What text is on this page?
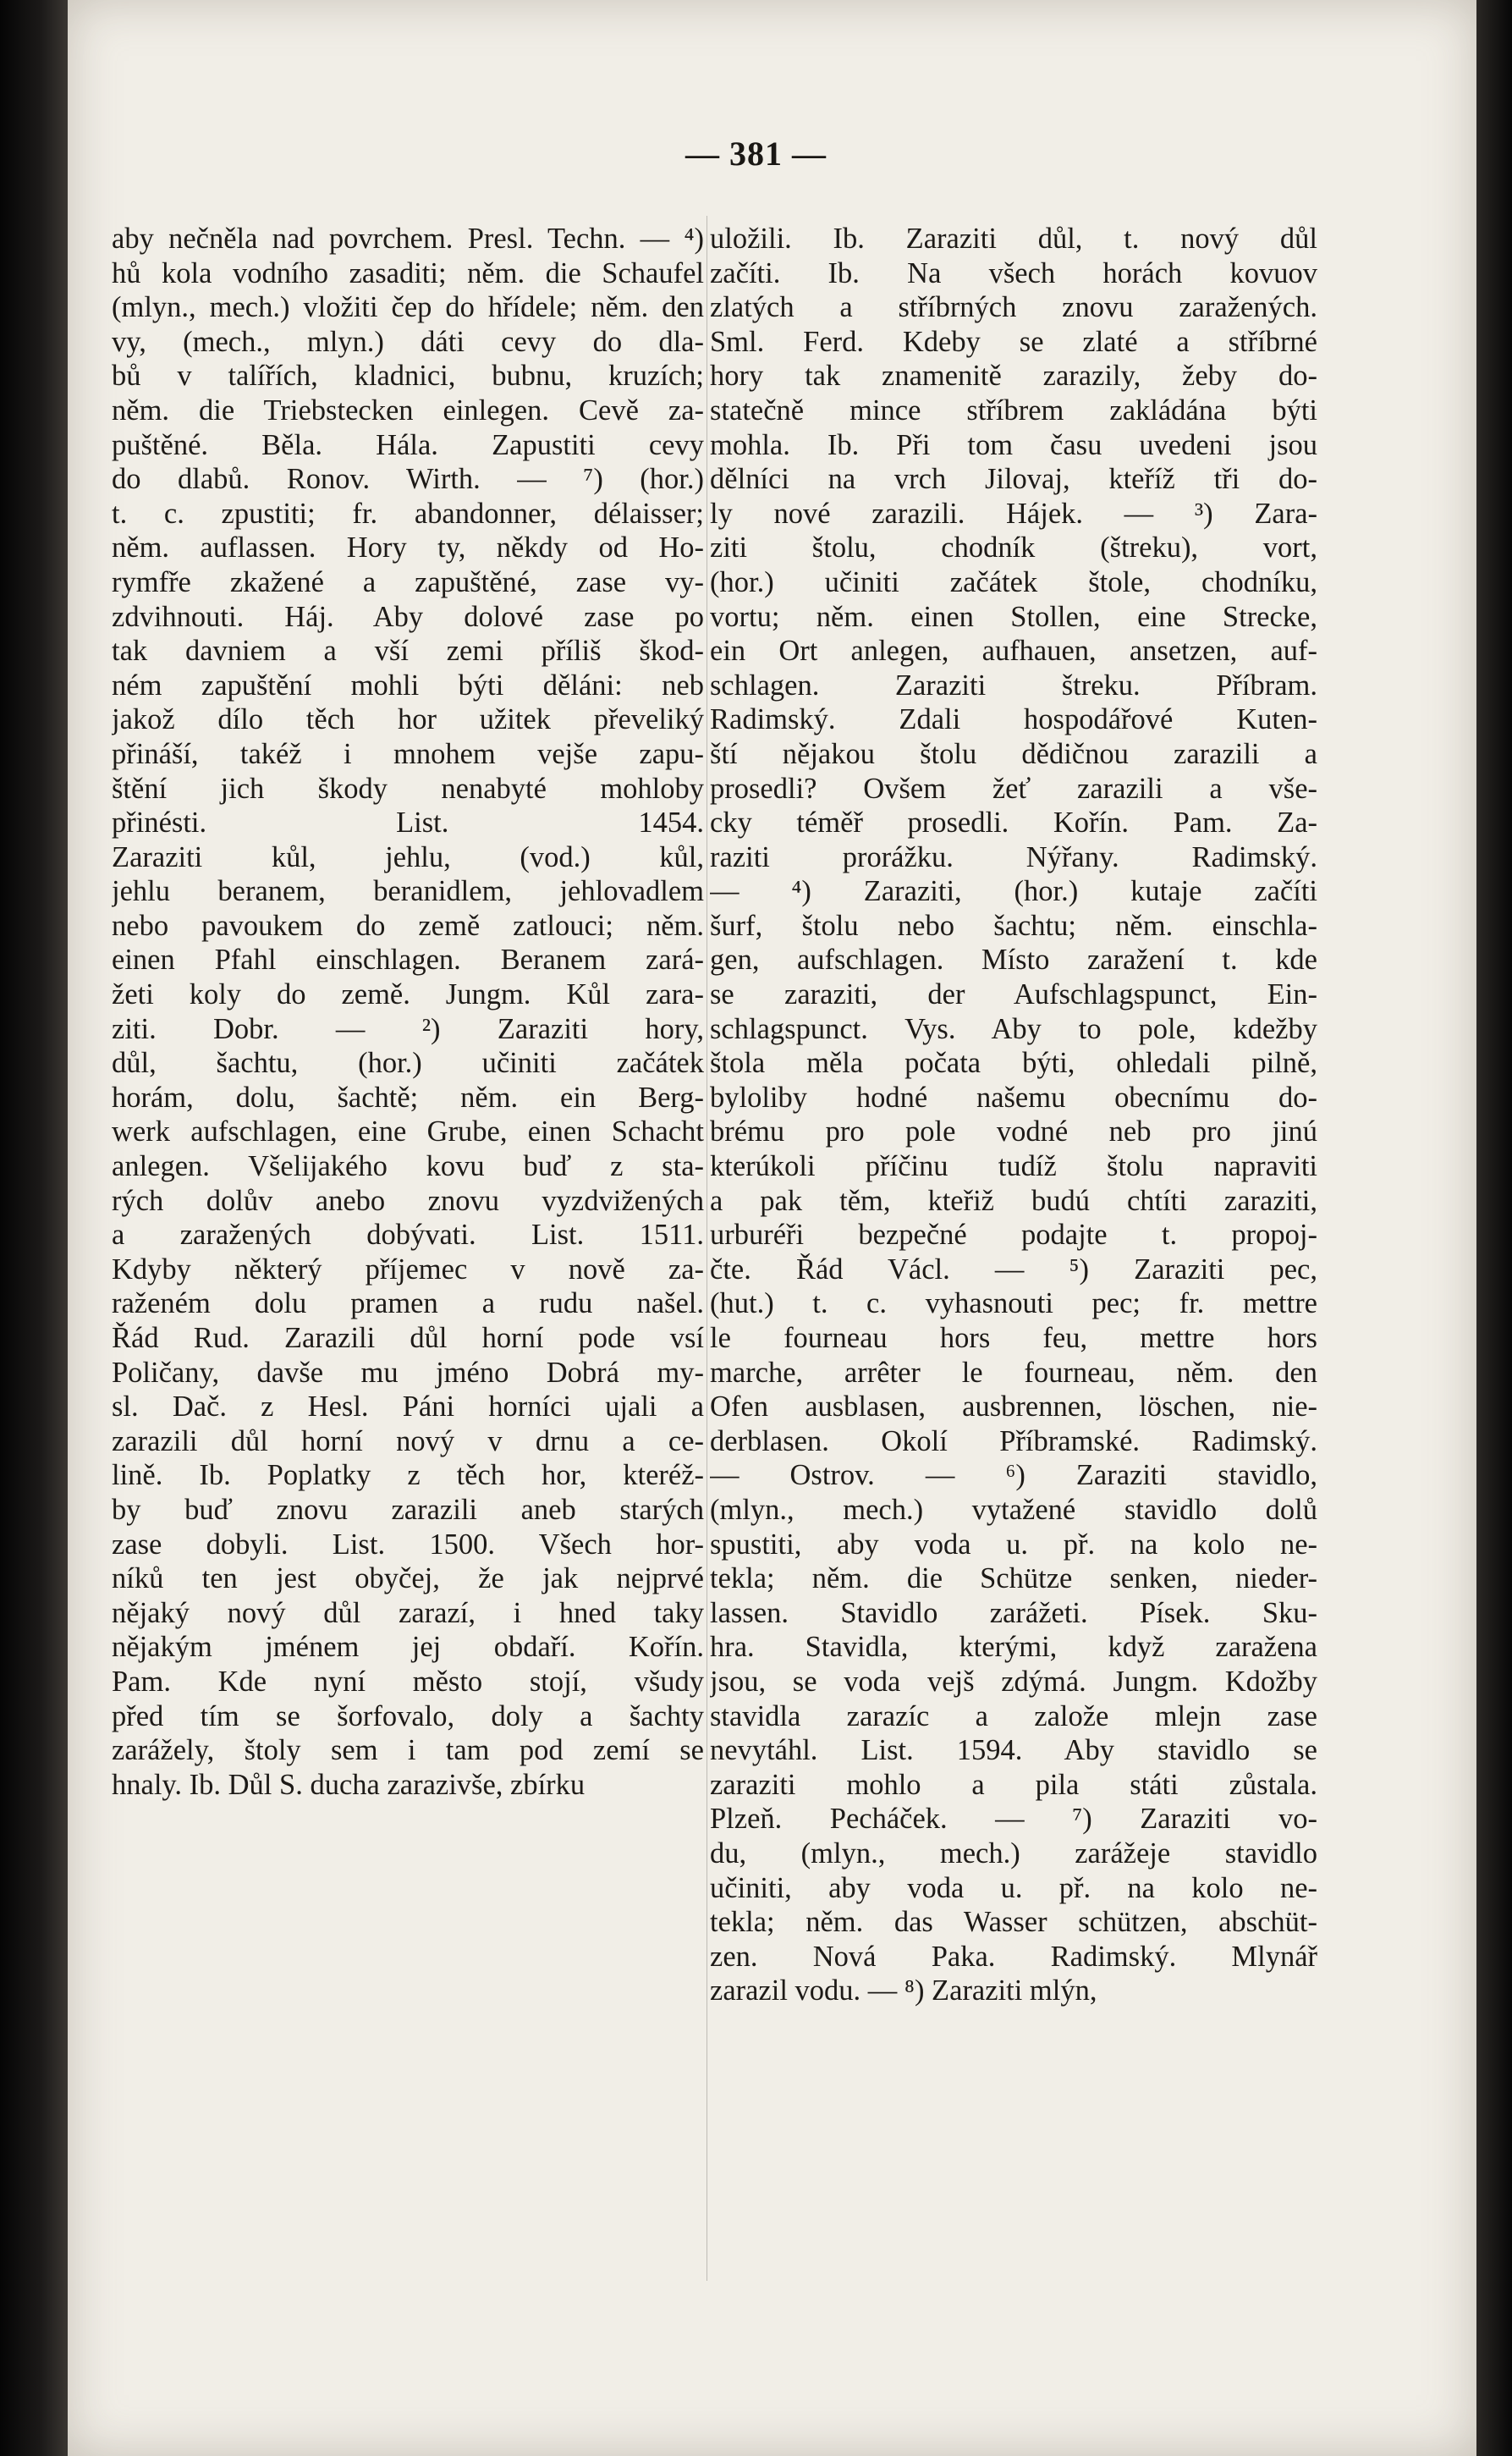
— 381 —
aby nečněla nad povrchem. Presl. Techn. — ⁴)
hů kola vodního zasaditi; něm. die Schaufel
(mlyn., mech.) vložiti čep do hřídele; něm. den
vy, (mech., mlyn.) dáti cevy do dla-
bů v talířích, kladnici, bubnu, kruzích;
něm. die Triebstecken einlegen. Cevě za-
puštěné. Běla. Hála. Zapustiti cevy
do dlabů. Ronov. Wirth. — ⁷) (hor.)
t. c. zpustiti; fr. abandonner, délaisser;
něm. auflassen. Hory ty, někdy od Ho-
rymfře zkažené a zapuštěné, zase vy-
zdvihnouti. Háj. Aby dolové zase po
tak davniem a vší zemi příliš škod-
ném zapuštění mohli býti děláni: neb
jakož dílo těch hor užitek převeliký
přináší, takéž i mnohem vejše zapu-
štění jich škody nenabyté mohloby
přinésti. List. 1454.
Zaraziti kůl, jehlu, (vod.) kůl,
jehlu beranem, beranidlem, jehlovadlem
nebo pavoukem do země zatlouci; něm.
einen Pfahl einschlagen. Beranem zará-
žeti koly do země. Jungm. Kůl zara-
ziti. Dobr. — ²) Zaraziti hory,
důl, šachtu, (hor.) učiniti začátek
horám, dolu, šachtě; něm. ein Berg-
werk aufschlagen, eine Grube, einen Schacht
anlegen. Všelijakého kovu buď z sta-
rých dolův anebo znovu vyzdvižených
a zaražených dobývati. List. 1511.
Kdyby některý příjemec v nově za-
raženém dolu pramen a rudu našel.
Řád Rud. Zarazili důl horní pode vsí
Poličany, davše mu jméno Dobrá my-
sl. Dač. z Hesl. Páni horníci ujali a
zarazili důl horní nový v drnu a ce-
lině. Ib. Poplatky z těch hor, kteréž-
by buď znovu zarazili aneb starých
zase dobyli. List. 1500. Všech hor-
níků ten jest obyčej, že jak nejprvé
nějaký nový důl zarazí, i hned taky
nějakým jménem jej obdaří. Kořín.
Pam. Kde nyní město stojí, všudy
před tím se šorfovalo, doly a šachty
zarážely, štoly sem i tam pod zemí se
hnaly. Ib. Důl S. ducha zarazivše, zbírku
uložili. Ib. Zaraziti důl, t. nový důl
začíti. Ib. Na všech horách kovuov
zlatých a stříbrných znovu zaražených.
Sml. Ferd. Kdeby se zlaté a stříbrné
hory tak znamenitě zarazily, žeby do-
statečně mince stříbrem zakládána býti
mohla. Ib. Při tom času uvedeni jsou
dělníci na vrch Jilovaj, kteříž tři do-
ly nové zarazili. Hájek. — ³) Zara-
ziti štolu, chodník (štreku), vort,
(hor.) učiniti začátek štole, chodníku,
vortu; něm. einen Stollen, eine Strecke,
ein Ort anlegen, aufhauen, ansetzen, auf-
schlagen. Zaraziti štreku. Příbram.
Radimský. Zdali hospodářové Kuten-
ští nějakou štolu dědičnou zarazili a
prosedli? Ovšem žeť zarazili a vše-
cky téměř prosedli. Kořín. Pam. Za-
raziti prorážku. Nýřany. Radimský.
— ⁴) Zaraziti, (hor.) kutaje začíti
šurf, štolu nebo šachtu; něm. einschla-
gen, aufschlagen. Místo zaražení t. kde
se zaraziti, der Aufschlagspunct, Ein-
schlagspunct. Vys. Aby to pole, kdežby
štola měla počata býti, ohledali pilně,
byloliby hodné našemu obecnímu do-
brému pro pole vodné neb pro jinú
kterúkoli příčinu tudíž štolu napraviti
a pak těm, kteřiž budú chtíti zaraziti,
urburéři bezpečné podajte t. propoj-
čte. Řád Václ. — ⁵) Zaraziti pec,
(hut.) t. c. vyhasnouti pec; fr. mettre
le fourneau hors feu, mettre hors
marche, arrêter le fourneau, něm. den
Ofen ausblasen, ausbrennen, löschen, nie-
derblasen. Okolí Příbramské. Radimský.
— Ostrov. — ⁶) Zaraziti stavidlo,
(mlyn., mech.) vytažené stavidlo dolů
spustiti, aby voda u. př. na kolo ne-
tekla; něm. die Schütze senken, nieder-
lassen. Stavidlo zarážeti. Písek. Sku-
hra. Stavidla, kterými, když zaražena
jsou, se voda vejš zdýmá. Jungm. Kdožby
stavidla zarazíc a založe mlejn zase
nevytáhl. List. 1594. Aby stavidlo se
zaraziti mohlo a pila státi zůstala.
Plzeň. Pecháček. — ⁷) Zaraziti vo-
du, (mlyn., mech.) zarážeje stavidlo
učiniti, aby voda u. př. na kolo ne-
tekla; něm. das Wasser schützen, abschüt-
zen. Nová Paka. Radimský. Mlynář
zarazil vodu. — ⁸) Zaraziti mlýn,
